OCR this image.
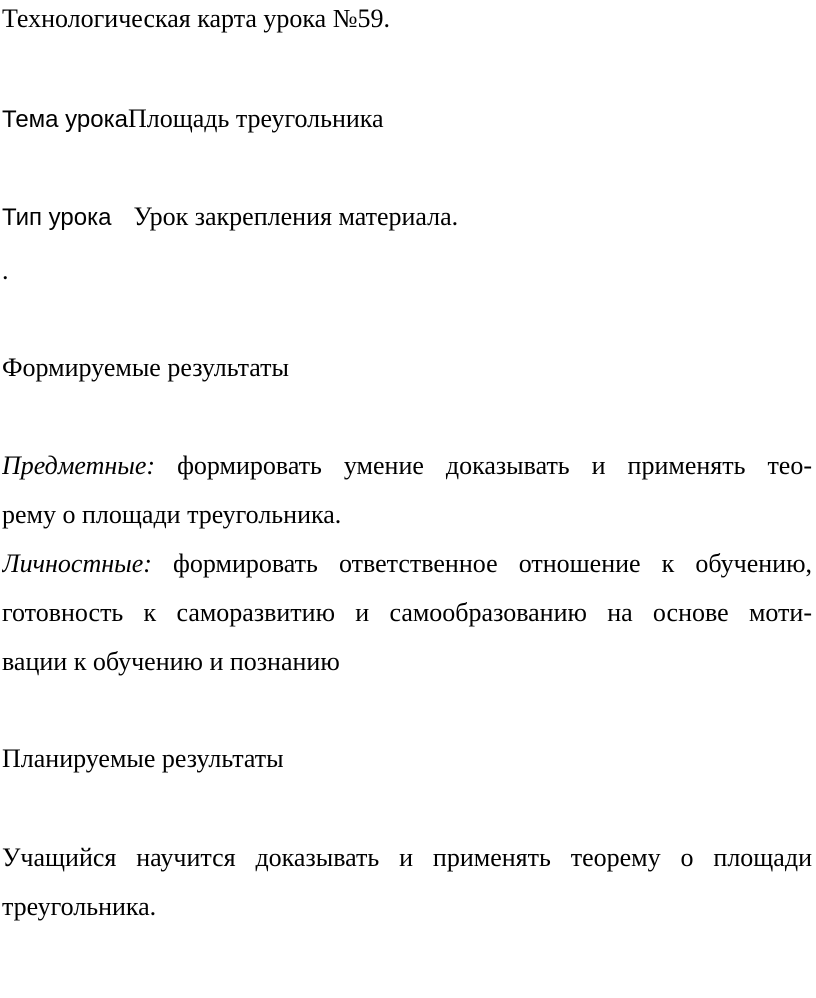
Технологическая карта урока №59.
Тема урокаПлощадь треугольника
Тип урока Урок закрепления материала.
.
Формируемые результаты
Предметные: формировать умение доказывать и применять тео-
рему о площади треугольника.
Личностные: формировать ответственное отношение к обучению,
готовность к саморазвитию и самообразованию на основе моти-
вации к обучению и познанию
Планируемые результаты
Учащийся научится доказывать и применять теорему о площади
треугольника.
